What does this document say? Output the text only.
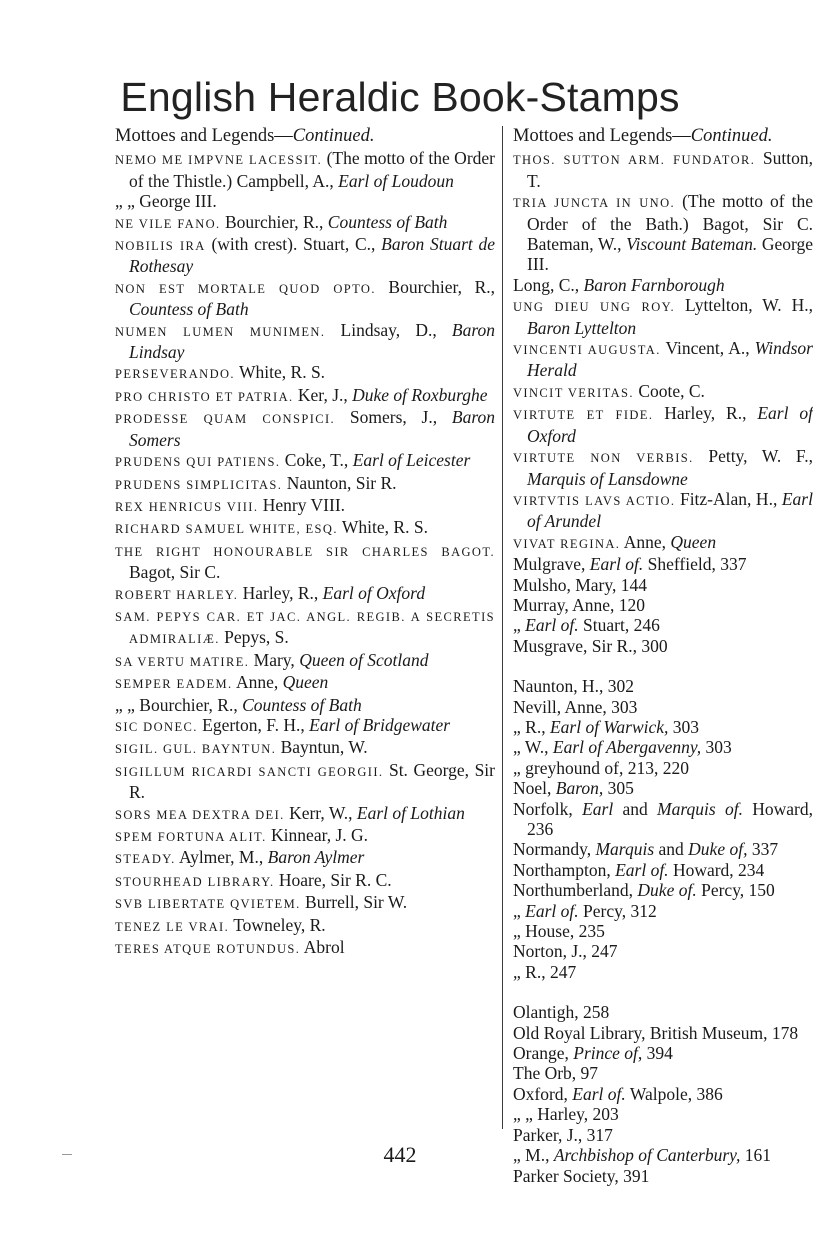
English Heraldic Book-Stamps
Mottoes and Legends—Continued.
NEMO ME IMPVNE LACESSIT. (The motto of the Order of the Thistle.) Campbell, A., Earl of Loudoun
„ „ George III.
NE VILE FANO. Bourchier, R., Countess of Bath
NOBILIS IRA (with crest). Stuart, C., Baron Stuart de Rothesay
NON EST MORTALE QUOD OPTO. Bourchier, R., Countess of Bath
NUMEN LUMEN MUNIMEN. Lindsay, D., Baron Lindsay
PERSEVERANDO. White, R. S.
PRO CHRISTO ET PATRIA. Ker, J., Duke of Roxburghe
PRODESSE QUAM CONSPICI. Somers, J., Baron Somers
PRUDENS QUI PATIENS. Coke, T., Earl of Leicester
PRUDENS SIMPLICITAS. Naunton, Sir R.
REX HENRICUS VIII. Henry VIII.
RICHARD SAMUEL WHITE, ESQ. White, R. S.
THE RIGHT HONOURABLE SIR CHARLES BAGOT. Bagot, Sir C.
ROBERT HARLEY. Harley, R., Earl of Oxford
SAM. PEPYS CAR. ET JAC. ANGL. REGIB. A SECRETIS ADMIRALIÆ. Pepys, S.
SA VERTU MATIRE. Mary, Queen of Scotland
SEMPER EADEM. Anne, Queen
„ „ Bourchier, R., Countess of Bath
SIC DONEC. Egerton, F. H., Earl of Bridgewater
SIGIL. GUL. BAYNTUN. Bayntun, W.
SIGILLUM RICARDI SANCTI GEORGII. St. George, Sir R.
SORS MEA DEXTRA DEI. Kerr, W., Earl of Lothian
SPEM FORTUNA ALIT. Kinnear, J. G.
STEADY. Aylmer, M., Baron Aylmer
STOURHEAD LIBRARY. Hoare, Sir R. C.
SVB LIBERTATE QVIETEM. Burrell, Sir W.
TENEZ LE VRAI. Towneley, R.
TERES ATQUE ROTUNDUS. Abrol
Mottoes and Legends—Continued.
THOS. SUTTON ARM. FUNDATOR. Sutton, T.
TRIA JUNCTA IN UNO. (The motto of the Order of the Bath.) Bagot, Sir C. Bateman, W., Viscount Bateman. George III.
Long, C., Baron Farnborough
UNG DIEU UNG ROY. Lyttelton, W. H., Baron Lyttelton
VINCENTI AUGUSTA. Vincent, A., Windsor Herald
VINCIT VERITAS. Coote, C.
VIRTUTE ET FIDE. Harley, R., Earl of Oxford
VIRTUTE NON VERBIS. Petty, W. F., Marquis of Lansdowne
VIRTVTIS LAVS ACTIO. Fitz-Alan, H., Earl of Arundel
VIVAT REGINA. Anne, Queen
Mulgrave, Earl of. Sheffield, 337
Mulsho, Mary, 144
Murray, Anne, 120
„ Earl of. Stuart, 246
Musgrave, Sir R., 300
Naunton, H., 302
Nevill, Anne, 303
„ R., Earl of Warwick, 303
„ W., Earl of Abergavenny, 303
„ greyhound of, 213, 220
Noel, Baron, 305
Norfolk, Earl and Marquis of. Howard, 236
Normandy, Marquis and Duke of, 337
Northampton, Earl of. Howard, 234
Northumberland, Duke of. Percy, 150
„ Earl of. Percy, 312
„ House, 235
Norton, J., 247
„ R., 247
Olantigh, 258
Old Royal Library, British Museum, 178
Orange, Prince of, 394
The Orb, 97
Oxford, Earl of. Walpole, 386
„ „ Harley, 203
Parker, J., 317
„ M., Archbishop of Canterbury, 161
Parker Society, 391
442
